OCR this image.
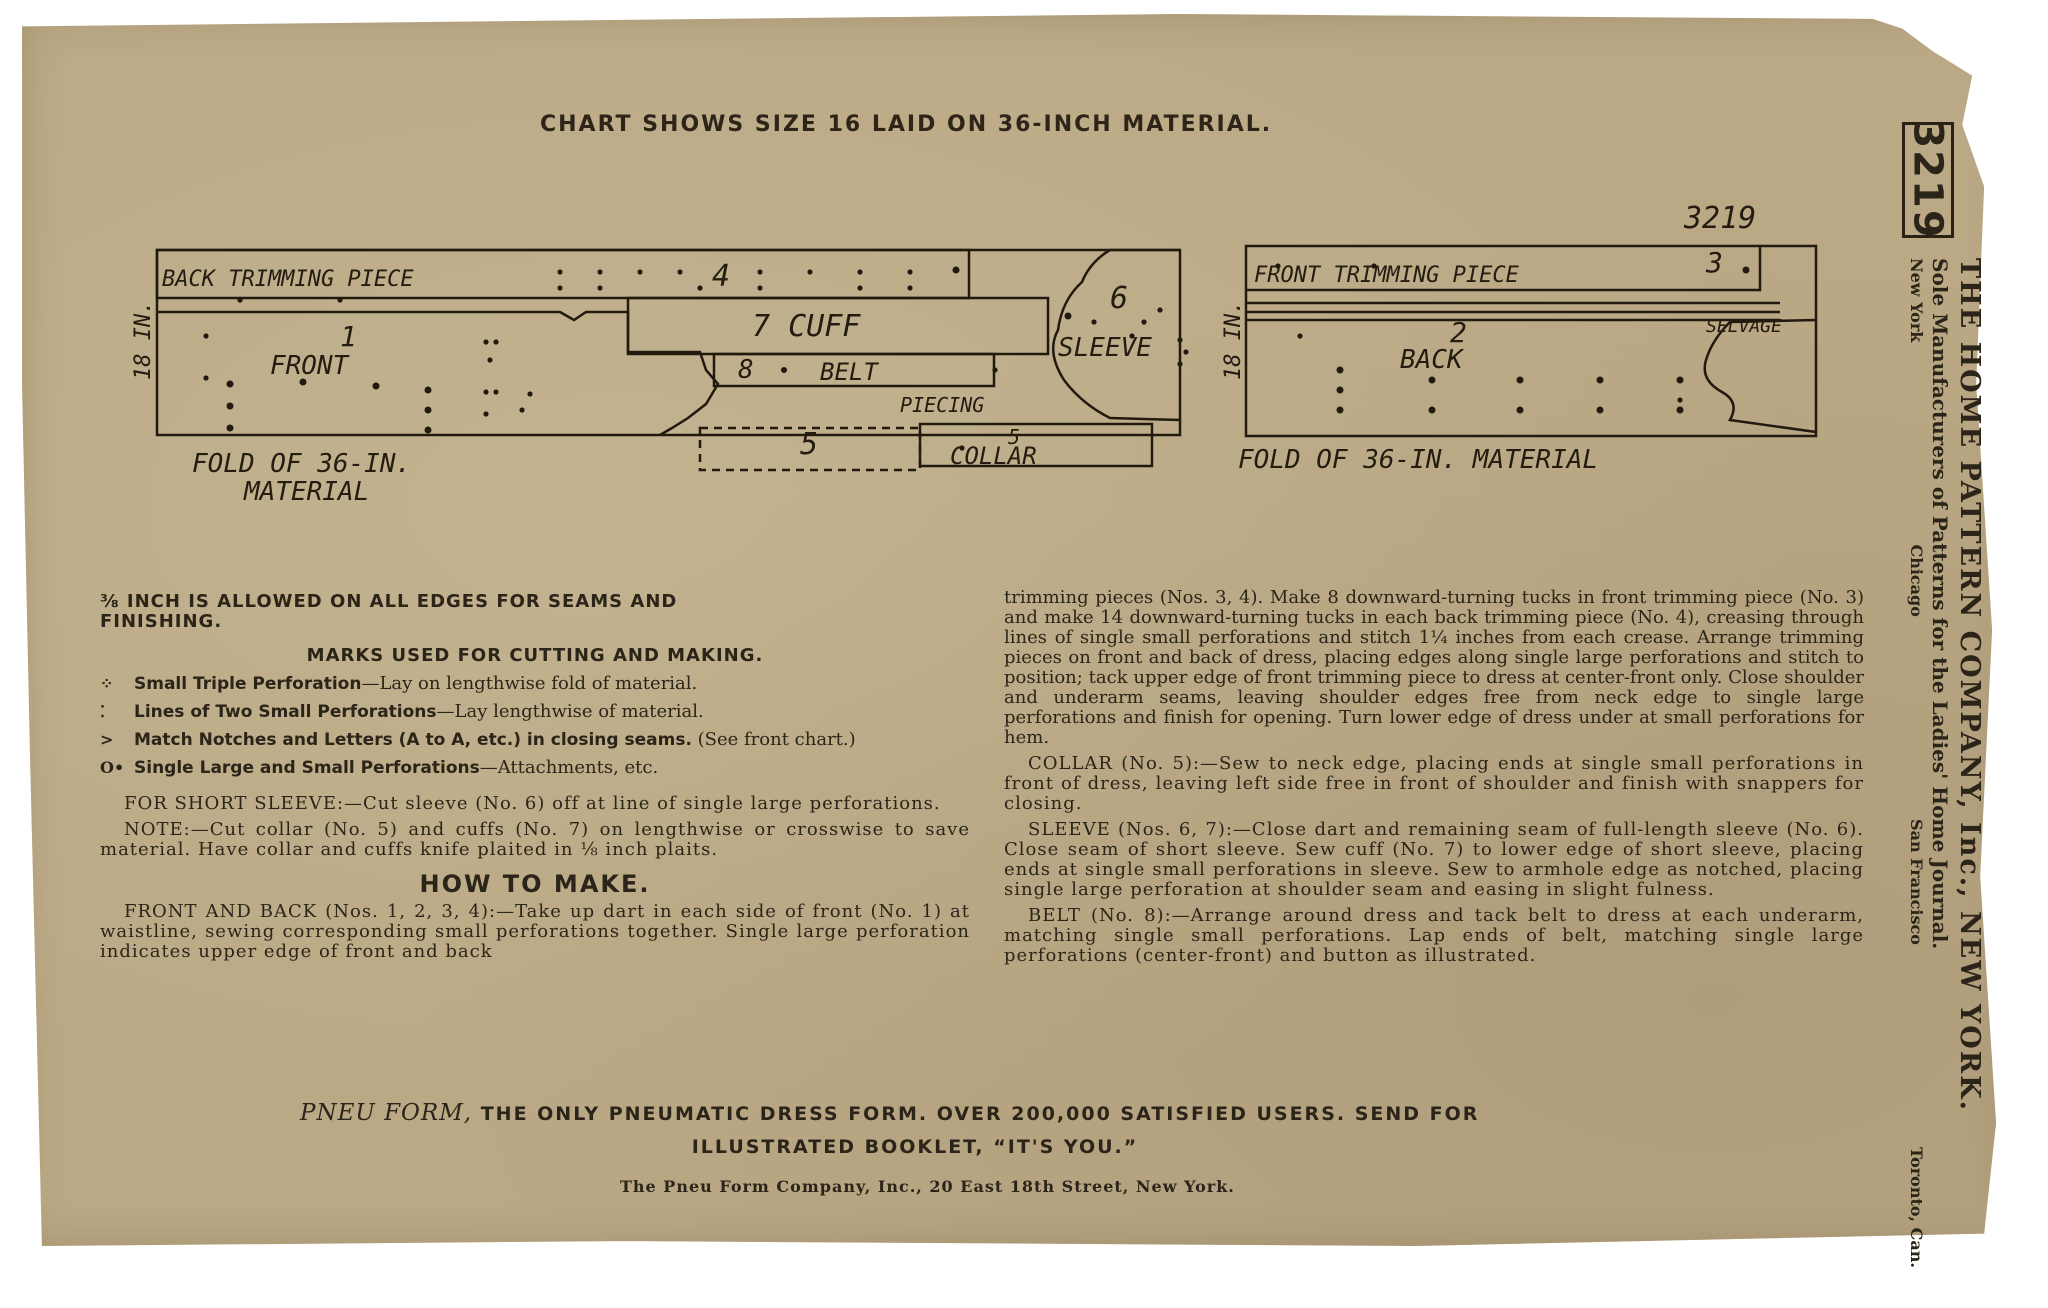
CHART SHOWS SIZE 16 LAID ON 36-INCH MATERIAL.
18 IN.
BACK TRIMMING PIECE	4
1
FRONT
7 CUFF
6
SLEEVE
8	BELT
PIECING
5	5
COLLAR
FOLD OF 36-IN.
MATERIAL
3219
18 IN.
FRONT TRIMMING PIECE	3
2
BACK
SELVAGE
FOLD OF 36-IN. MATERIAL
⅜ INCH IS ALLOWED ON ALL EDGES FOR SEAMS AND
FINISHING.
MARKS USED FOR CUTTING AND MAKING.
⁘	Small Triple Perforation—Lay on lengthwise fold of material.
⁚	Lines of Two Small Perforations—Lay lengthwise of material.
>	Match Notches and Letters (A to A, etc.) in closing seams. (See front chart.)
O• Single Large and Small Perforations—Attachments, etc.

FOR SHORT SLEEVE:—Cut sleeve (No. 6) off at line of single large perforations.

NOTE:—Cut collar (No. 5) and cuffs (No. 7) on lengthwise or crosswise to save material. Have collar and cuffs knife plaited in ⅛ inch plaits.

HOW TO MAKE.

FRONT AND BACK (Nos. 1, 2, 3, 4):—Take up dart in each side of front (No. 1) at waistline, sewing corresponding small perforations together. Single large perforation indicates upper edge of front and back

trimming pieces (Nos. 3, 4). Make 8 downward-turning tucks in front trimming piece (No. 3) and make 14 downward-turning tucks in each back trimming piece (No. 4), creasing through lines of single small perforations and stitch 1¼ inches from each crease. Arrange trimming pieces on front and back of dress, placing edges along single large perforations and stitch to position; tack upper edge of front trimming piece to dress at center-front only. Close shoulder and underarm seams, leaving shoulder edges free from neck edge to single large perforations and finish for opening. Turn lower edge of dress under at small perforations for hem.

COLLAR (No. 5):—Sew to neck edge, placing ends at single small perforations in front of dress, leaving left side free in front of shoulder and finish with snappers for closing.

SLEEVE (Nos. 6, 7):—Close dart and remaining seam of full-length sleeve (No. 6). Close seam of short sleeve. Sew cuff (No. 7) to lower edge of short sleeve, placing ends at single small perforations in sleeve. Sew to armhole edge as notched, placing single large perforation at shoulder seam and easing in slight fulness.

BELT (No. 8):—Arrange around dress and tack belt to dress at each underarm, matching single small perforations. Lap ends of belt, matching single large perforations (center-front) and button as illustrated.

PNEU FORM, THE ONLY PNEUMATIC DRESS FORM. OVER 200,000 SATISFIED USERS. SEND FOR
ILLUSTRATED BOOKLET, “IT'S YOU.”
The Pneu Form Company, Inc., 20 East 18th Street, New York.
3219
THE HOME PATTERN COMPANY, Inc., NEW YORK.
Sole Manufacturers of Patterns for the Ladies' Home Journal.
New York
Chicago
San Francisco
Toronto, Can.
